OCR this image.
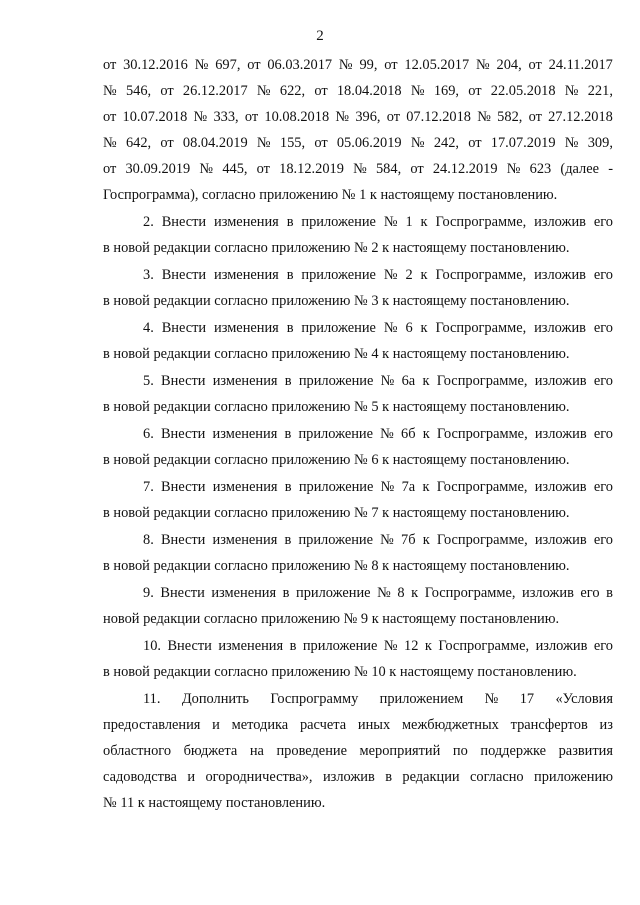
2
от 30.12.2016 № 697, от 06.03.2017 № 99, от 12.05.2017 № 204, от 24.11.2017
№ 546, от 26.12.2017 № 622, от 18.04.2018 № 169, от 22.05.2018 № 221,
от 10.07.2018 № 333, от 10.08.2018 № 396, от 07.12.2018 № 582, от 27.12.2018
№ 642, от 08.04.2019 № 155, от 05.06.2019 № 242, от 17.07.2019 № 309,
от 30.09.2019 № 445, от 18.12.2019 № 584, от 24.12.2019 № 623 (далее -
Госпрограмма), согласно приложению № 1 к настоящему постановлению.
2. Внести изменения в приложение № 1 к Госпрограмме, изложив его
в новой редакции согласно приложению № 2 к настоящему постановлению.
3. Внести изменения в приложение № 2 к Госпрограмме, изложив его
в новой редакции согласно приложению № 3 к настоящему постановлению.
4. Внести изменения в приложение № 6 к Госпрограмме, изложив его
в новой редакции согласно приложению № 4 к настоящему постановлению.
5. Внести изменения в приложение № 6а к Госпрограмме, изложив его
в новой редакции согласно приложению № 5 к настоящему постановлению.
6. Внести изменения в приложение № 6б к Госпрограмме, изложив его
в новой редакции согласно приложению № 6 к настоящему постановлению.
7. Внести изменения в приложение № 7а к Госпрограмме, изложив его
в новой редакции согласно приложению № 7 к настоящему постановлению.
8. Внести изменения в приложение № 7б к Госпрограмме, изложив его
в новой редакции согласно приложению № 8 к настоящему постановлению.
9. Внести изменения в приложение № 8 к Госпрограмме, изложив его в
новой редакции согласно приложению № 9 к настоящему постановлению.
10. Внести изменения в приложение № 12 к Госпрограмме, изложив его
в новой редакции согласно приложению № 10 к настоящему постановлению.
11. Дополнить Госпрограмму приложением № 17 «Условия
предоставления и методика расчета иных межбюджетных трансфертов из
областного бюджета на проведение мероприятий по поддержке развития
садоводства и огородничества», изложив в редакции согласно приложению
№ 11 к настоящему постановлению.
